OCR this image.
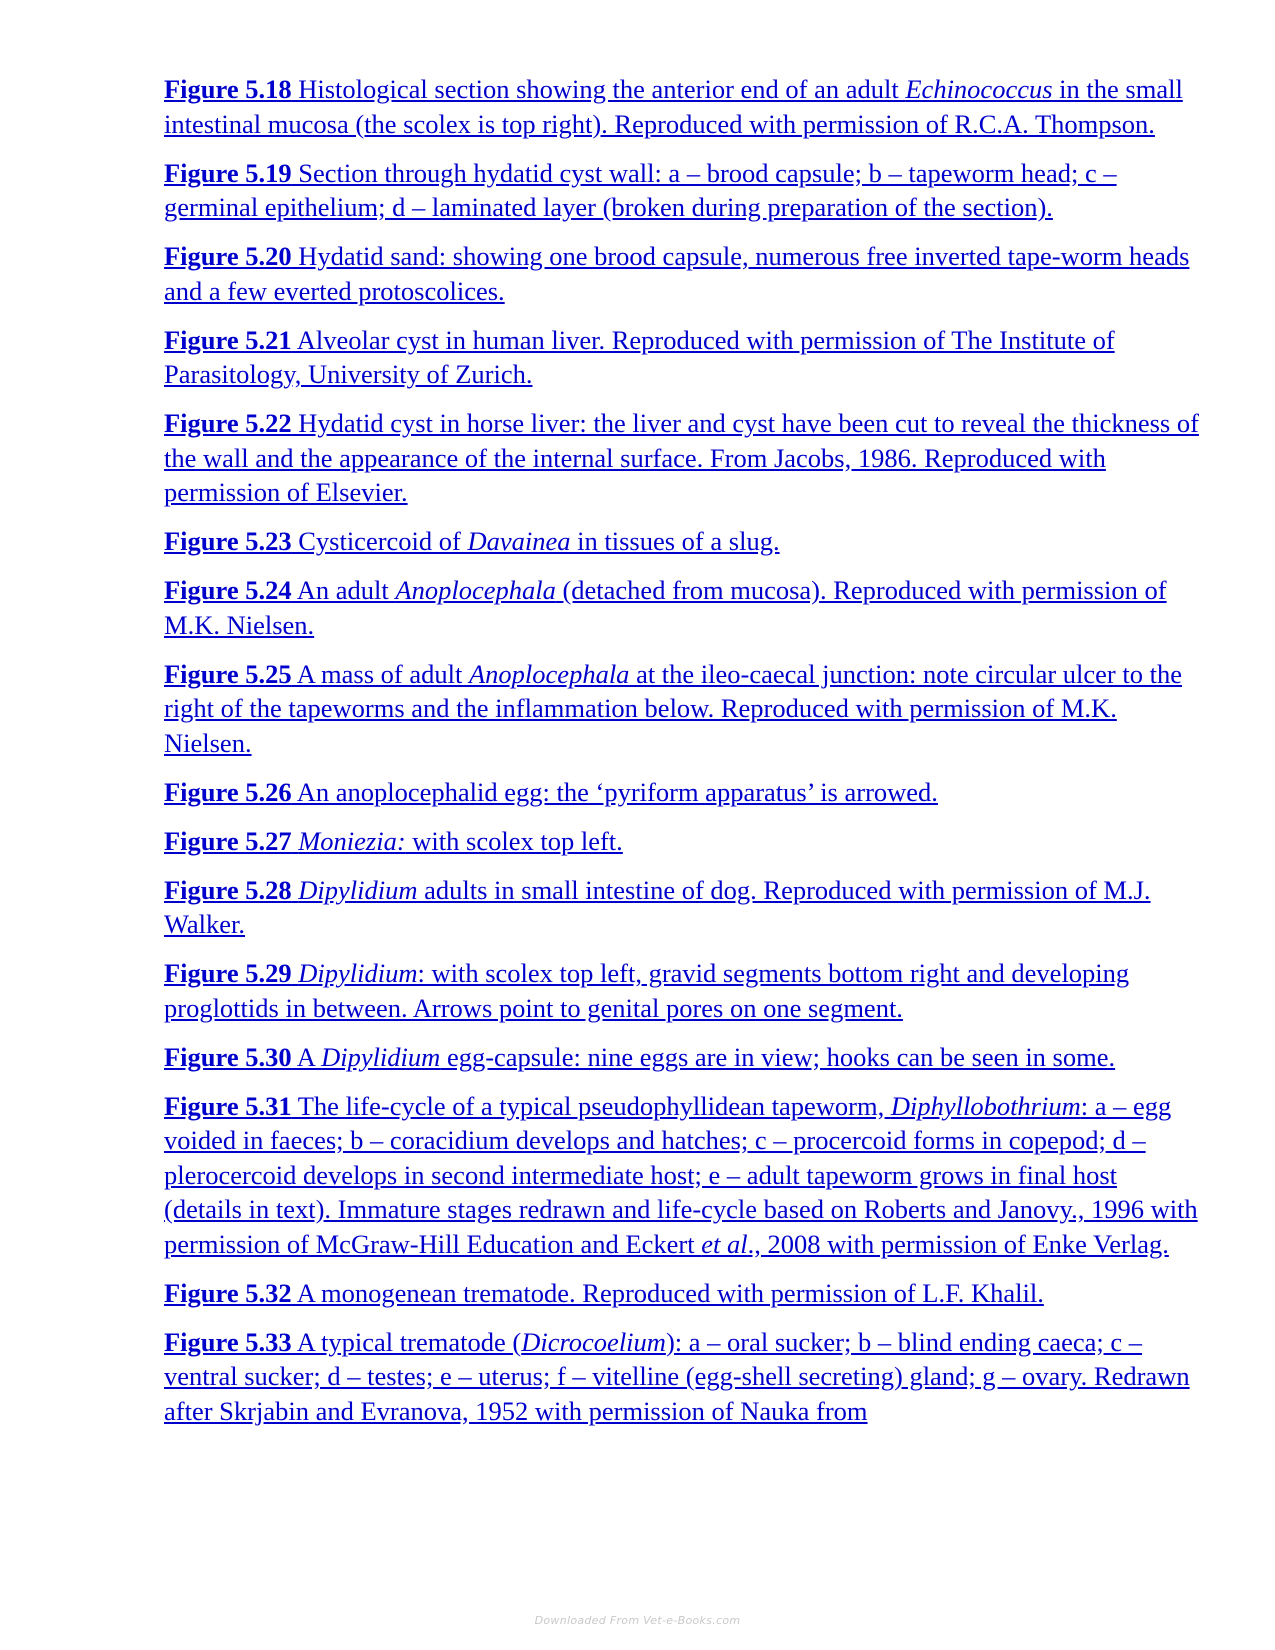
Figure 5.18 Histological section showing the anterior end of an adult Echinococcus in the small intestinal mucosa (the scolex is top right). Reproduced with permission of R.C.A. Thompson.
Figure 5.19 Section through hydatid cyst wall: a – brood capsule; b – tapeworm head; c – germinal epithelium; d – laminated layer (broken during preparation of the section).
Figure 5.20 Hydatid sand: showing one brood capsule, numerous free inverted tape-worm heads and a few everted protoscolices.
Figure 5.21 Alveolar cyst in human liver. Reproduced with permission of The Institute of Parasitology, University of Zurich.
Figure 5.22 Hydatid cyst in horse liver: the liver and cyst have been cut to reveal the thickness of the wall and the appearance of the internal surface. From Jacobs, 1986. Reproduced with permission of Elsevier.
Figure 5.23 Cysticercoid of Davainea in tissues of a slug.
Figure 5.24 An adult Anoplocephala (detached from mucosa). Reproduced with permission of M.K. Nielsen.
Figure 5.25 A mass of adult Anoplocephala at the ileo-caecal junction: note circular ulcer to the right of the tapeworms and the inflammation below. Reproduced with permission of M.K. Nielsen.
Figure 5.26 An anoplocephalid egg: the ‘pyriform apparatus’ is arrowed.
Figure 5.27 Moniezia: with scolex top left.
Figure 5.28 Dipylidium adults in small intestine of dog. Reproduced with permission of M.J. Walker.
Figure 5.29 Dipylidium: with scolex top left, gravid segments bottom right and developing proglottids in between. Arrows point to genital pores on one segment.
Figure 5.30 A Dipylidium egg-capsule: nine eggs are in view; hooks can be seen in some.
Figure 5.31 The life-cycle of a typical pseudophyllidean tapeworm, Diphyllobothrium: a – egg voided in faeces; b – coracidium develops and hatches; c – procercoid forms in copepod; d – plerocercoid develops in second intermediate host; e – adult tapeworm grows in final host (details in text). Immature stages redrawn and life-cycle based on Roberts and Janovy., 1996 with permission of McGraw-Hill Education and Eckert et al., 2008 with permission of Enke Verlag.
Figure 5.32 A monogenean trematode. Reproduced with permission of L.F. Khalil.
Figure 5.33 A typical trematode (Dicrocoelium): a – oral sucker; b – blind ending caeca; c – ventral sucker; d – testes; e – uterus; f – vitelline (egg-shell secreting) gland; g – ovary. Redrawn after Skrjabin and Evranova, 1952 with permission of Nauka from
Downloaded From Vet-e-Books.com
